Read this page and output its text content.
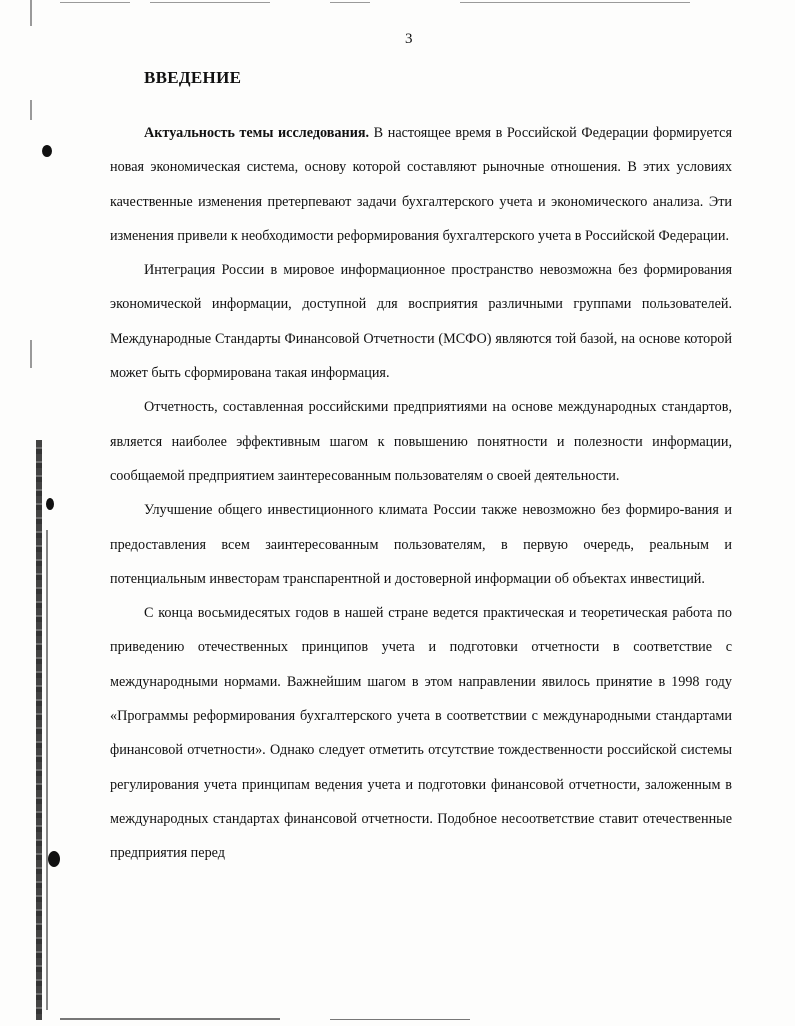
3
ВВЕДЕНИЕ

Актуальность темы исследования. В настоящее время в Российской Федерации формируется новая экономическая система, основу которой составляют рыночные отношения. В этих условиях качественные изменения претерпевают задачи бухгалтерского учета и экономического анализа. Эти изменения привели к необходимости реформирования бухгалтерского учета в Российской Федерации.

Интеграция России в мировое информационное пространство невозможна без формирования экономической информации, доступной для восприятия различными группами пользователей. Международные Стандарты Финансовой Отчетности (МСФО) являются той базой, на основе которой может быть сформирована такая информация.

Отчетность, составленная российскими предприятиями на основе международных стандартов, является наиболее эффективным шагом к повышению понятности и полезности информации, сообщаемой предприятием заинтересованным пользователям о своей деятельности.

Улучшение общего инвестиционного климата России также невозможно без формиро-вания и предоставления всем заинтересованным пользователям, в первую очередь, реальным и потенциальным инвесторам транспарентной и достоверной информации об объектах инвестиций.

С конца восьмидесятых годов в нашей стране ведется практическая и теоретическая работа по приведению отечественных принципов учета и подготовки отчетности в соответствие с международными нормами. Важнейшим шагом в этом направлении явилось принятие в 1998 году «Программы реформирования бухгалтерского учета в соответствии с международными стандартами финансовой отчетности». Однако следует отметить отсутствие тождественности российской системы регулирования учета принципам ведения учета и подготовки финансовой отчетности, заложенным в международных стандартах финансовой отчетности. Подобное несоответствие ставит отечественные предприятия перед
